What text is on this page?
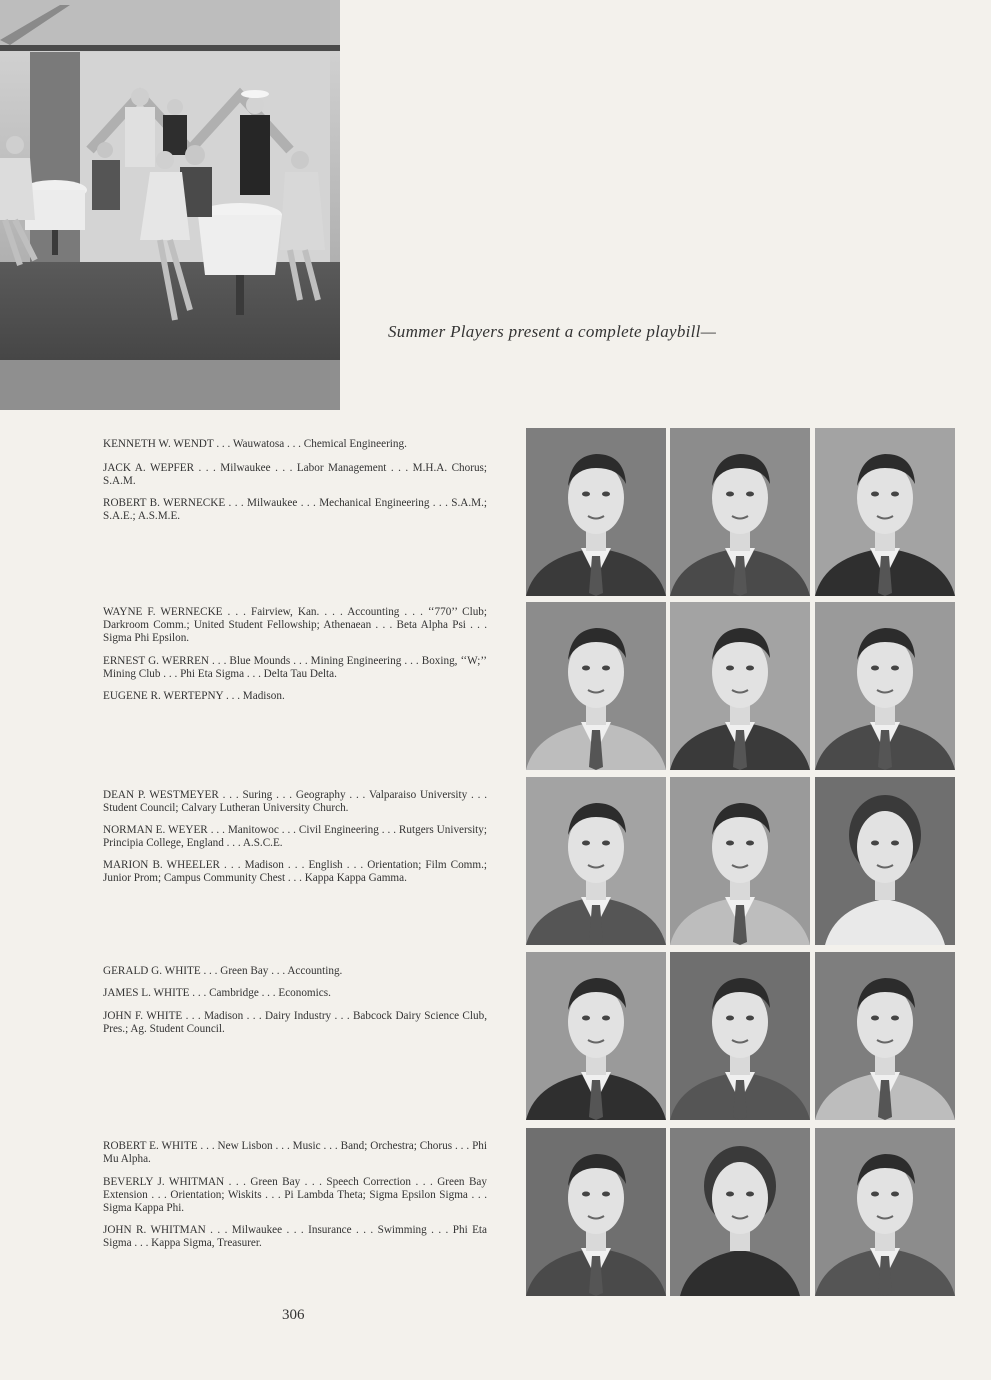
Summer Players present a complete playbill—
KENNETH W. WENDT . . . Wauwatosa . . . Chemical Engineering.
JACK A. WEPFER . . . Milwaukee . . . Labor Management . . . M.H.A. Chorus; S.A.M.
ROBERT B. WERNECKE . . . Milwaukee . . . Mechanical Engineering . . . S.A.M.; S.A.E.; A.S.M.E.
WAYNE F. WERNECKE . . . Fairview, Kan. . . . Accounting . . . ‘‘770’’ Club; Darkroom Comm.; United Student Fellowship; Athenaean . . . Beta Alpha Psi . . . Sigma Phi Epsilon.
ERNEST G. WERREN . . . Blue Mounds . . . Mining Engineering . . . Boxing, ‘‘W;’’ Mining Club . . . Phi Eta Sigma . . . Delta Tau Delta.
EUGENE R. WERTEPNY . . . Madison.
DEAN P. WESTMEYER . . . Suring . . . Geography . . . Valparaiso University . . . Student Council; Calvary Lutheran University Church.
NORMAN E. WEYER . . . Manitowoc . . . Civil Engineering . . . Rutgers University; Principia College, England . . . A.S.C.E.
MARION B. WHEELER . . . Madison . . . English . . . Orientation; Film Comm.; Junior Prom; Campus Community Chest . . . Kappa Kappa Gamma.
GERALD G. WHITE . . . Green Bay . . . Accounting.
JAMES L. WHITE . . . Cambridge . . . Economics.
JOHN F. WHITE . . . Madison . . . Dairy Industry . . . Babcock Dairy Science Club, Pres.; Ag. Student Council.
ROBERT E. WHITE . . . New Lisbon . . . Music . . . Band; Orchestra; Chorus . . . Phi Mu Alpha.
BEVERLY J. WHITMAN . . . Green Bay . . . Speech Correction . . . Green Bay Extension . . . Orientation; Wiskits . . . Pi Lambda Theta; Sigma Epsilon Sigma . . . Sigma Kappa Phi.
JOHN R. WHITMAN . . . Milwaukee . . . Insurance . . . Swimming . . . Phi Eta Sigma . . . Kappa Sigma, Treasurer.
306
